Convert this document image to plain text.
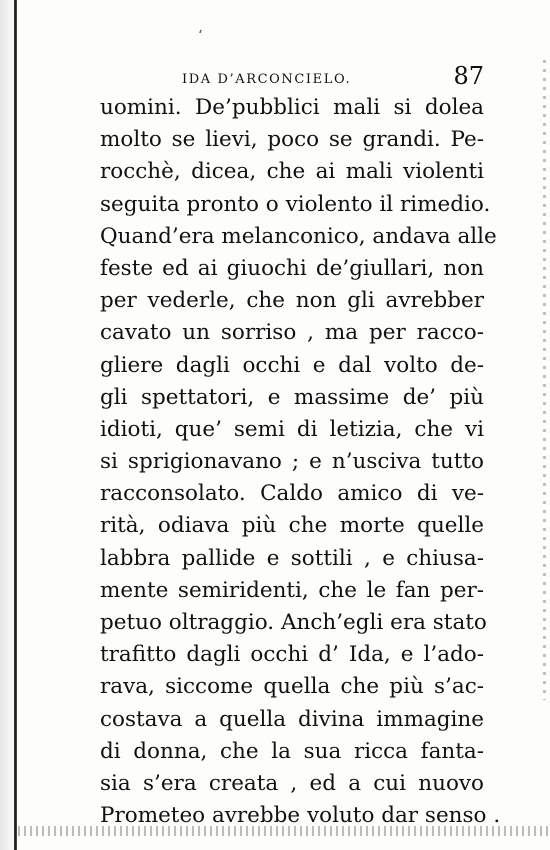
‘
IDA D’ARCONCIELO.	87
uomini. De’pubblici mali si dolea
molto se lievi, poco se grandi. Pe-
rocchè, dicea, che ai mali violenti
seguita pronto o violento il rimedio.
Quand’era melanconico, andava alle
feste ed ai giuochi de’giullari, non
per vederle, che non gli avrebber
cavato un sorriso , ma per racco-
gliere dagli occhi e dal volto de-
gli spettatori, e massime de’ più
idioti, que’ semi di letizia, che vi
si sprigionavano ; e n’usciva tutto
racconsolato. Caldo amico di ve-
rità, odiava più che morte quelle
labbra pallide e sottili , e chiusa-
mente semiridenti, che le fan per-
petuo oltraggio. Anch’egli era stato
trafitto dagli occhi d’ Ida, e l’ado-
rava, siccome quella che più s’ac-
costava a quella divina immagine
di donna, che la sua ricca fanta-
sia s’era creata , ed a cui nuovo
Prometeo avrebbe voluto dar senso .
